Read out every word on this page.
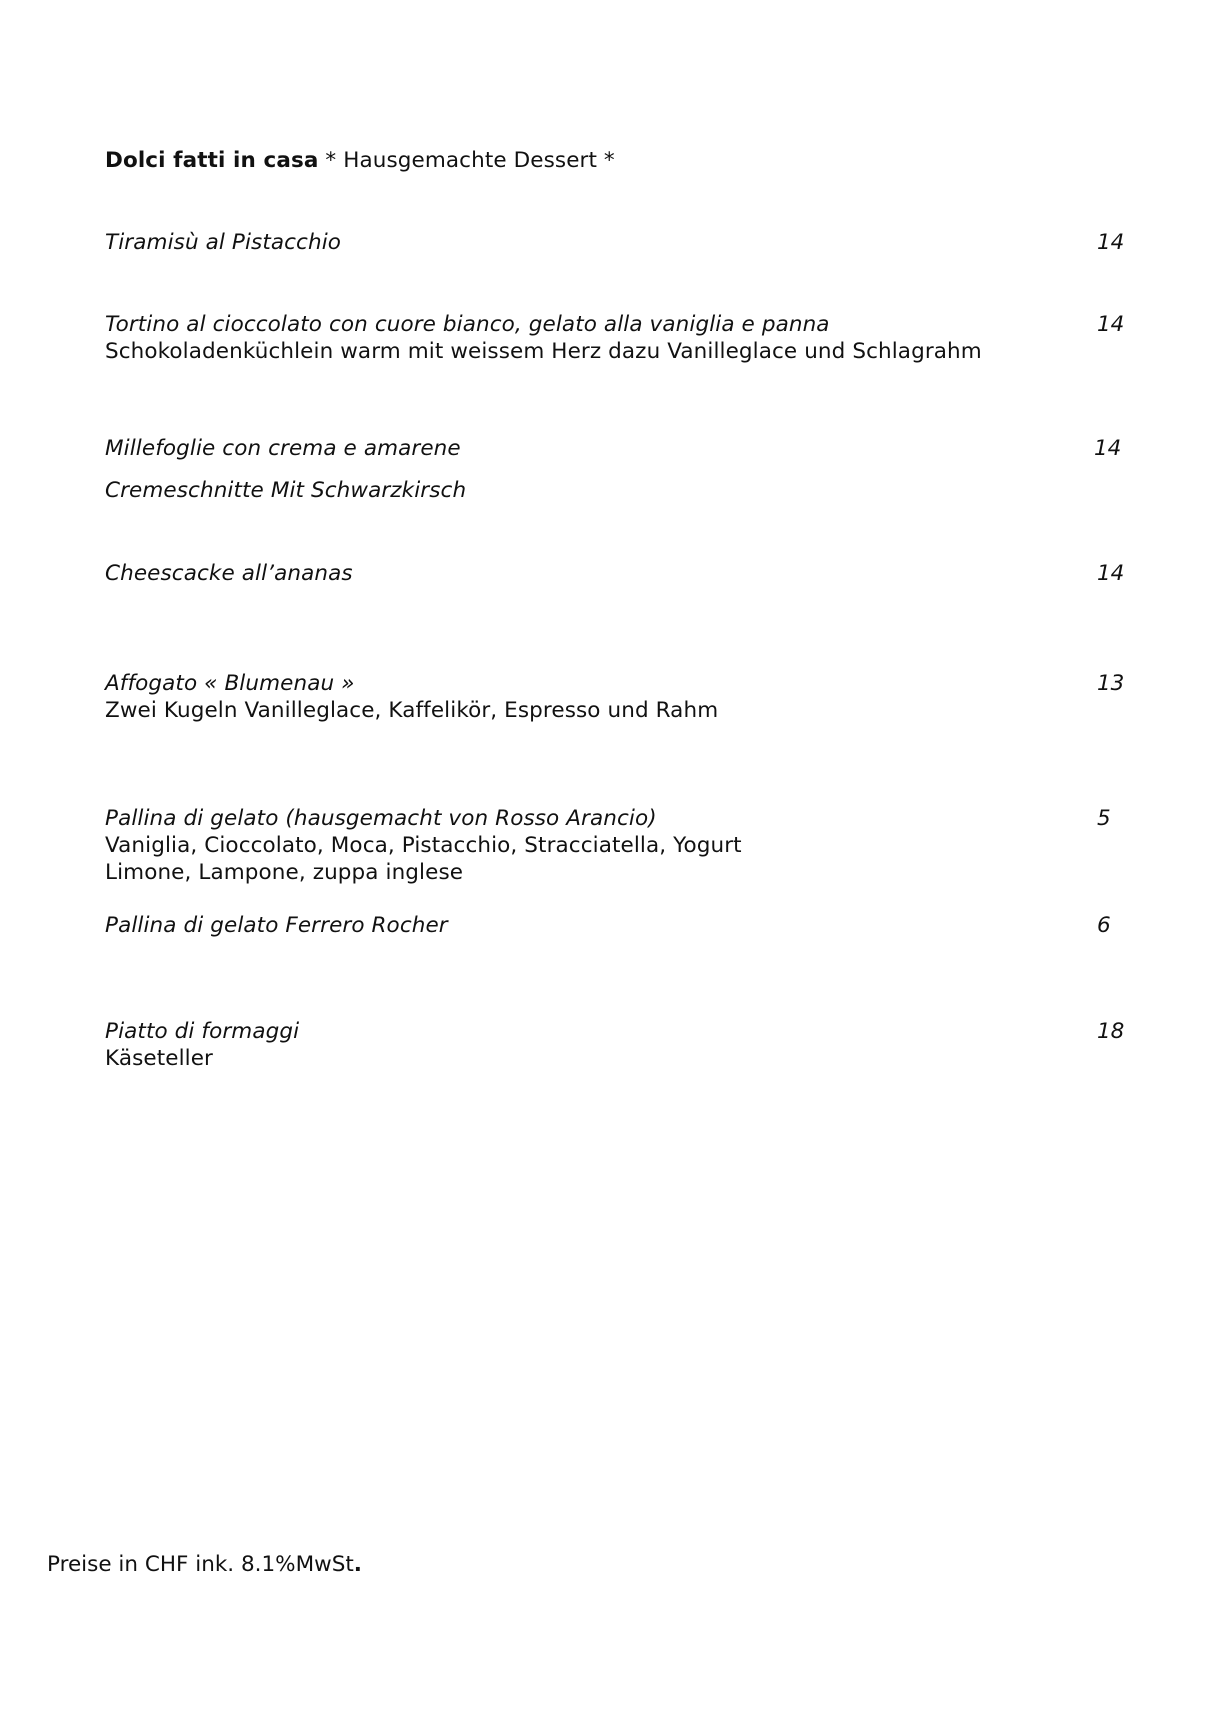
Dolci fatti in casa * Hausgemachte Dessert *
Tiramisù al Pistacchio	14
Tortino al cioccolato con cuore bianco, gelato alla vaniglia e panna	14
Schokoladenküchlein warm mit weissem Herz dazu Vanilleglace und Schlagrahm
Millefoglie con crema e amarene	14
Cremeschnitte Mit Schwarzkirsch
Cheescacke all’ananas	14
Affogato « Blumenau »	13
Zwei Kugeln Vanilleglace, Kaffelikör, Espresso und Rahm
Pallina di gelato (hausgemacht von Rosso Arancio)	5
Vaniglia, Cioccolato, Moca, Pistacchio, Stracciatella, Yogurt
Limone, Lampone, zuppa inglese
Pallina di gelato Ferrero Rocher	6
Piatto di formaggi	18
Käseteller
Preise in CHF ink. 8.1%MwSt.
